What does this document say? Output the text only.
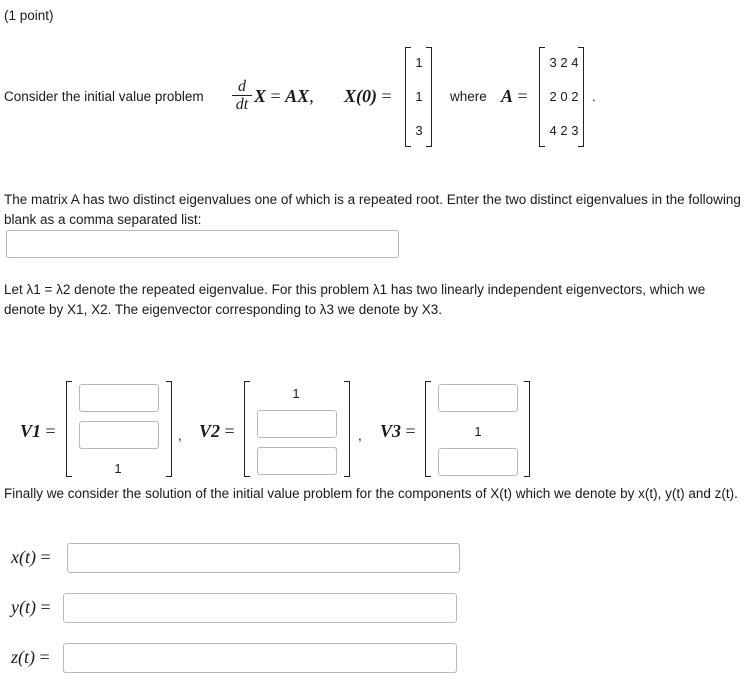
(1 point)
Consider the initial value problem
d
dt X = AX, X(0) =
1
1
3
where A =
3 2 4
2 0 2
4 2 3
.

The matrix A has two distinct eigenvalues one of which is a repeated root. Enter the two distinct eigenvalues in the following blank as a comma separated list:

Let λ1 = λ2 denote the repeated eigenvalue. For this problem λ1 has two linearly independent eigenvectors, which we denote by X1, X2. The eigenvector corresponding to λ3 we denote by X3.

V1 =
1
, V2 =
1
, V3 =	1

Finally we consider the solution of the initial value problem for the components of X(t) which we denote by x(t), y(t) and z(t).

x(t) =
y(t) =
z(t) =
